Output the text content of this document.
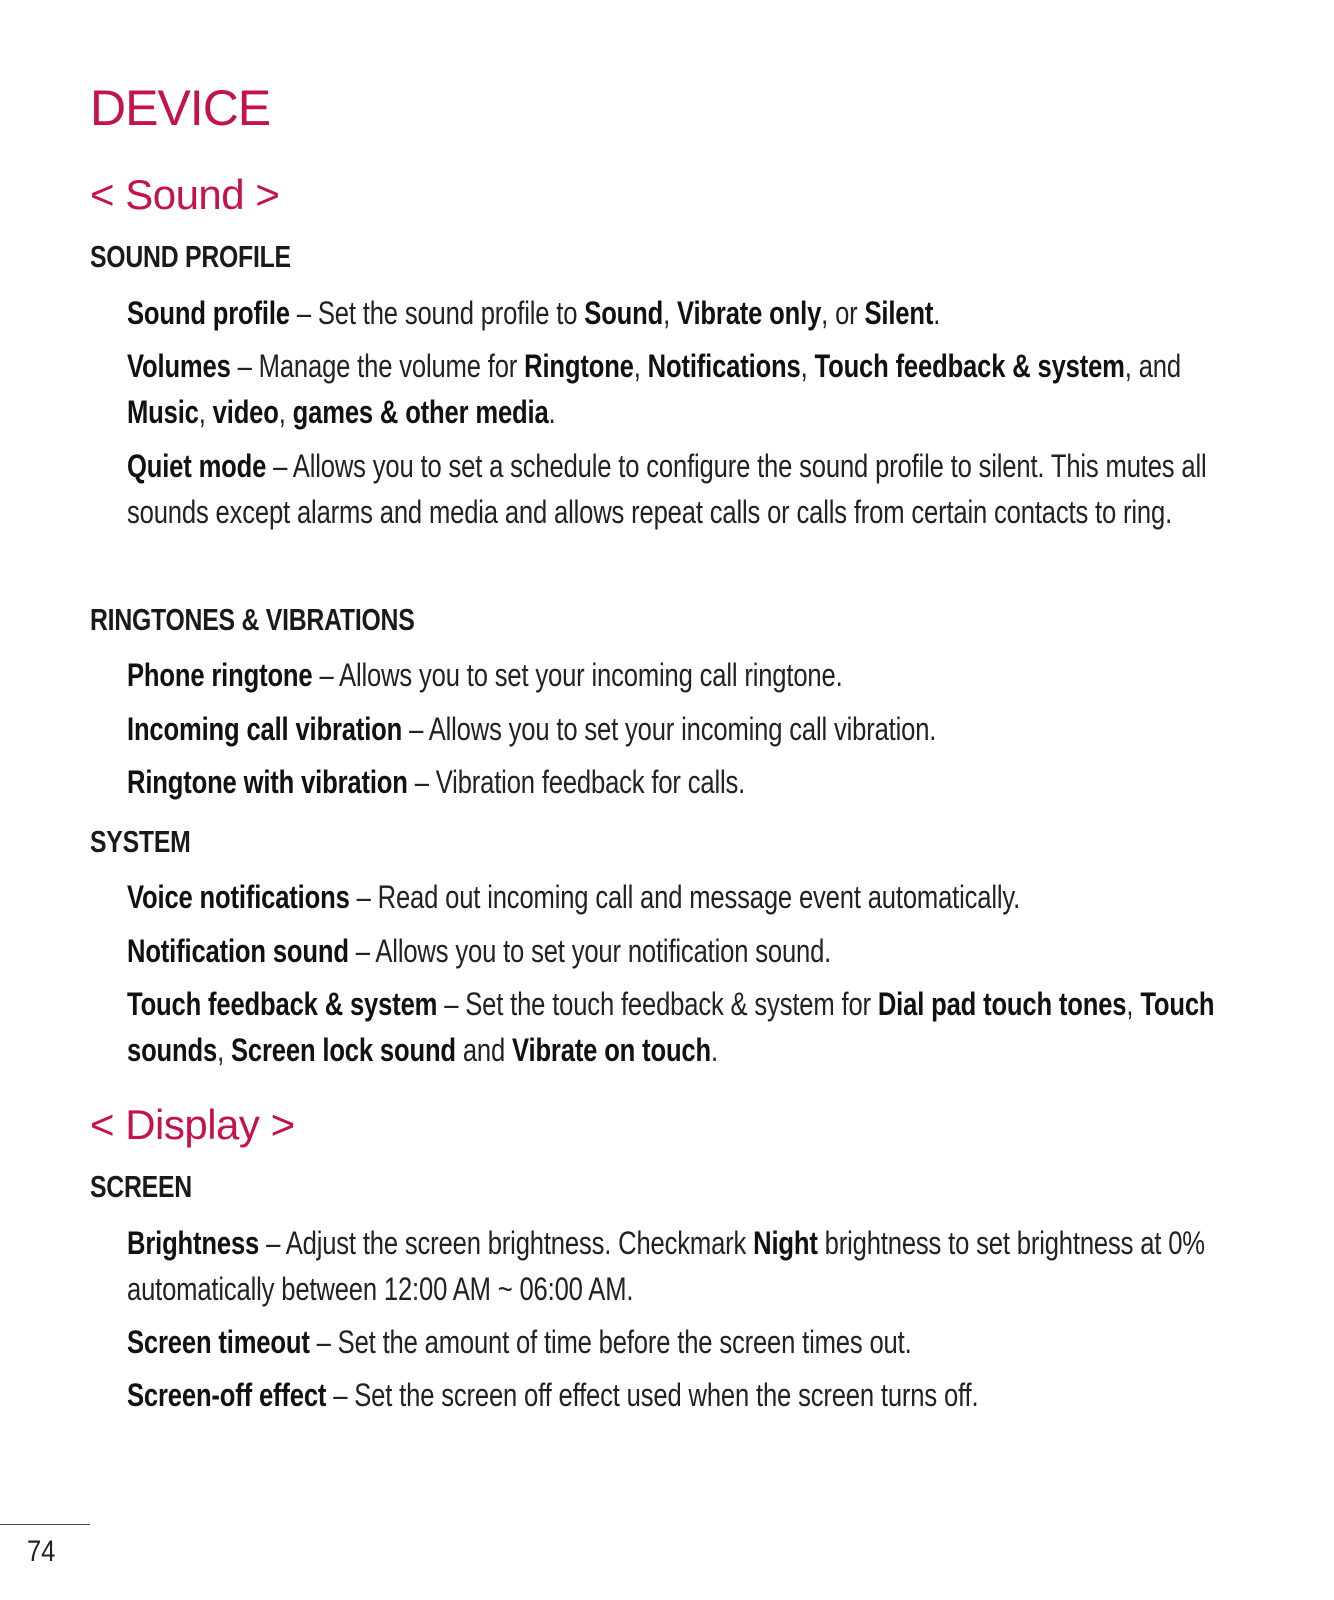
DEVICE
< Sound >
SOUND PROFILE

Sound profile – Set the sound profile to Sound, Vibrate only, or Silent.

Volumes – Manage the volume for Ringtone, Notifications, Touch feedback & system, and Music, video, games & other media.

Quiet mode – Allows you to set a schedule to configure the sound profile to silent. This mutes all sounds except alarms and media and allows repeat calls or calls from certain contacts to ring.

RINGTONES & VIBRATIONS

Phone ringtone – Allows you to set your incoming call ringtone.

Incoming call vibration – Allows you to set your incoming call vibration.

Ringtone with vibration – Vibration feedback for calls.

SYSTEM

Voice notifications – Read out incoming call and message event automatically.

Notification sound – Allows you to set your notification sound.

Touch feedback & system – Set the touch feedback & system for Dial pad touch tones, Touch sounds, Screen lock sound and Vibrate on touch.

< Display >
SCREEN

Brightness – Adjust the screen brightness. Checkmark Night brightness to set brightness at 0% automatically between 12:00 AM ~ 06:00 AM.

Screen timeout – Set the amount of time before the screen times out.

Screen-off effect – Set the screen off effect used when the screen turns off.

74
